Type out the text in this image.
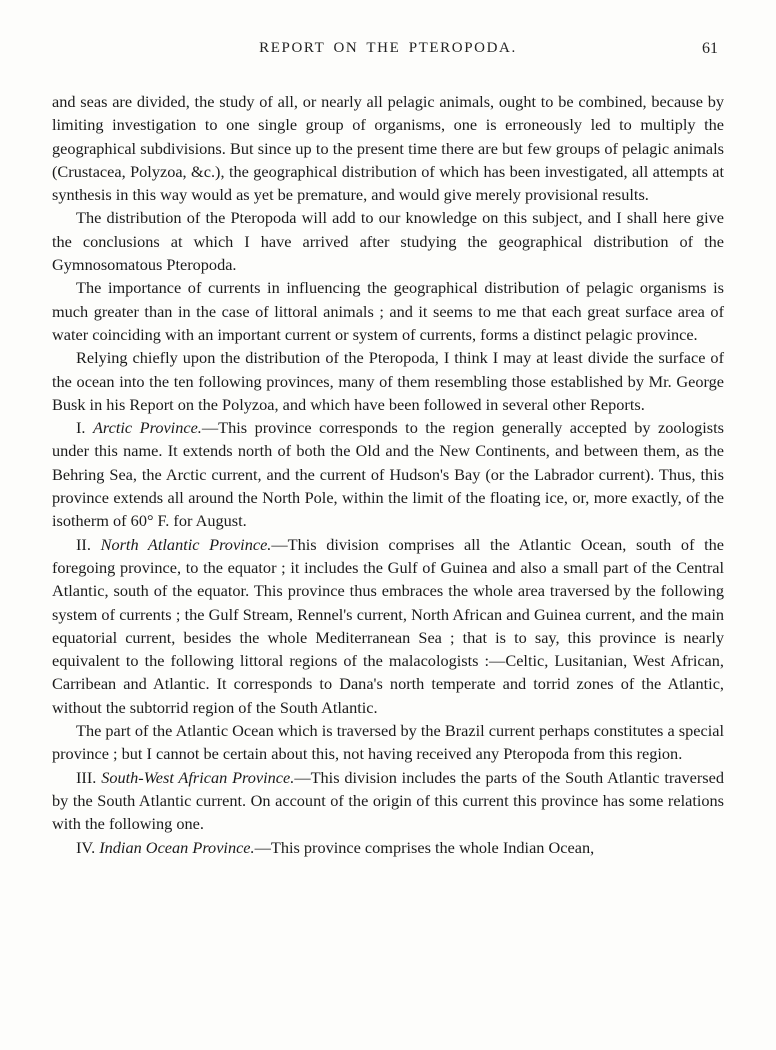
REPORT ON THE PTEROPODA.	61

and seas are divided, the study of all, or nearly all pelagic animals, ought to be combined, because by limiting investigation to one single group of organisms, one is erroneously led to multiply the geographical subdivisions. But since up to the present time there are but few groups of pelagic animals (Crustacea, Polyzoa, &c.), the geographical distribution of which has been investigated, all attempts at synthesis in this way would as yet be premature, and would give merely provisional results.

The distribution of the Pteropoda will add to our knowledge on this subject, and I shall here give the conclusions at which I have arrived after studying the geographical distribution of the Gymnosomatous Pteropoda.

The importance of currents in influencing the geographical distribution of pelagic organisms is much greater than in the case of littoral animals ; and it seems to me that each great surface area of water coinciding with an important current or system of currents, forms a distinct pelagic province.

Relying chiefly upon the distribution of the Pteropoda, I think I may at least divide the surface of the ocean into the ten following provinces, many of them resembling those established by Mr. George Busk in his Report on the Polyzoa, and which have been followed in several other Reports.

I. Arctic Province.—This province corresponds to the region generally accepted by zoologists under this name. It extends north of both the Old and the New Continents, and between them, as the Behring Sea, the Arctic current, and the current of Hudson's Bay (or the Labrador current). Thus, this province extends all around the North Pole, within the limit of the floating ice, or, more exactly, of the isotherm of 60° F. for August.

II. North Atlantic Province.—This division comprises all the Atlantic Ocean, south of the foregoing province, to the equator ; it includes the Gulf of Guinea and also a small part of the Central Atlantic, south of the equator. This province thus embraces the whole area traversed by the following system of currents ; the Gulf Stream, Rennel's current, North African and Guinea current, and the main equatorial current, besides the whole Mediterranean Sea ; that is to say, this province is nearly equivalent to the following littoral regions of the malacologists :—Celtic, Lusitanian, West African, Carribean and Atlantic. It corresponds to Dana's north temperate and torrid zones of the Atlantic, without the subtorrid region of the South Atlantic.

The part of the Atlantic Ocean which is traversed by the Brazil current perhaps constitutes a special province ; but I cannot be certain about this, not having received any Pteropoda from this region.

III. South-West African Province.—This division includes the parts of the South Atlantic traversed by the South Atlantic current. On account of the origin of this current this province has some relations with the following one.

IV. Indian Ocean Province.—This province comprises the whole Indian Ocean,
